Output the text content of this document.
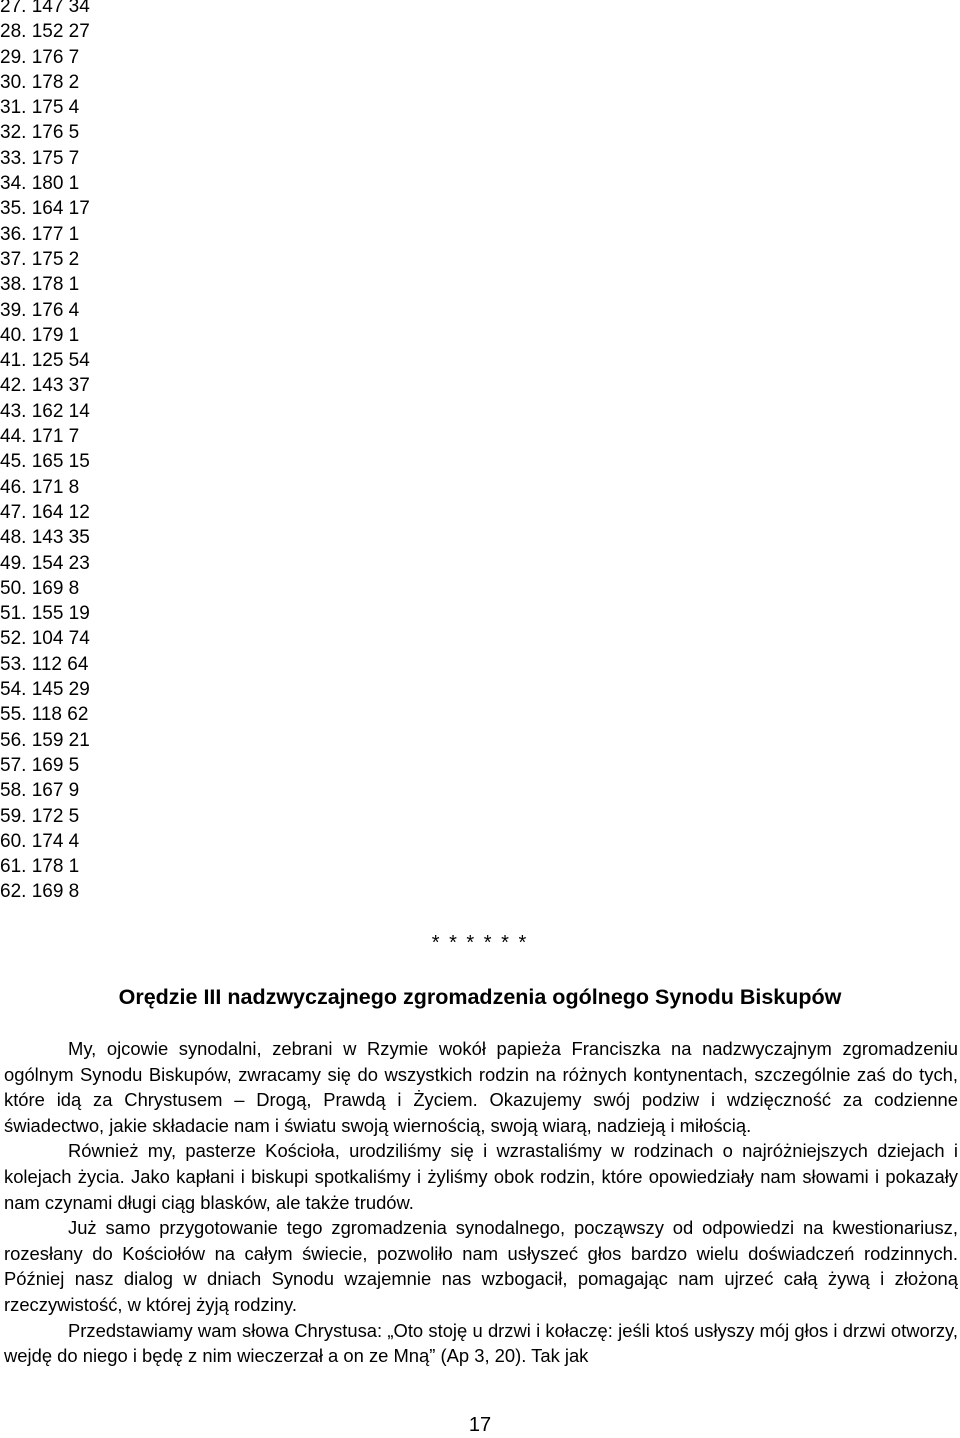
27. 147 34
28. 152 27
29. 176 7
30. 178 2
31. 175 4
32. 176 5
33. 175 7
34. 180 1
35. 164 17
36. 177 1
37. 175 2
38. 178 1
39. 176 4
40. 179 1
41. 125 54
42. 143 37
43. 162 14
44. 171 7
45. 165 15
46. 171 8
47. 164 12
48. 143 35
49. 154 23
50. 169 8
51. 155 19
52. 104 74
53. 112 64
54. 145 29
55. 118 62
56. 159 21
57. 169 5
58. 167 9
59. 172 5
60. 174 4
61. 178 1
62. 169 8
* * * * * *
Orędzie III nadzwyczajnego zgromadzenia ogólnego Synodu Biskupów

My, ojcowie synodalni, zebrani w Rzymie wokół papieża Franciszka na nadzwyczajnym zgromadzeniu ogólnym Synodu Biskupów, zwracamy się do wszystkich rodzin na różnych kontynentach, szczególnie zaś do tych, które idą za Chrystusem – Drogą, Prawdą i Życiem. Okazujemy swój podziw i wdzięczność za codzienne świadectwo, jakie składacie nam i światu swoją wiernością, swoją wiarą, nadzieją i miłością.

Również my, pasterze Kościoła, urodziliśmy się i wzrastaliśmy w rodzinach o najróżniejszych dziejach i kolejach życia. Jako kapłani i biskupi spotkaliśmy i żyliśmy obok rodzin, które opowiedziały nam słowami i pokazały nam czynami długi ciąg blasków, ale także trudów.

Już samo przygotowanie tego zgromadzenia synodalnego, począwszy od odpowiedzi na kwestionariusz, rozesłany do Kościołów na całym świecie, pozwoliło nam usłyszeć głos bardzo wielu doświadczeń rodzinnych. Później nasz dialog w dniach Synodu wzajemnie nas wzbogacił, pomagając nam ujrzeć całą żywą i złożoną rzeczywistość, w której żyją rodziny.

Przedstawiamy wam słowa Chrystusa: „Oto stoję u drzwi i kołaczę: jeśli ktoś usłyszy mój głos i drzwi otworzy, wejdę do niego i będę z nim wieczerzał a on ze Mną” (Ap 3, 20). Tak jak

17
